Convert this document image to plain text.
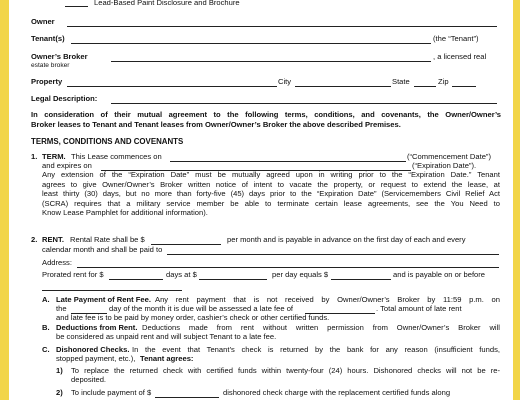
Lead-Based Paint Disclosure and Brochure
Owner
Tenant(s)	(the “Tenant”)
Owner’s Broker	, a licensed real
estate broker
Property	City	State	Zip
Legal Description:
In consideration of their mutual agreement to the following terms, conditions, and covenants, the Owner/Owner’s
Broker leases to Tenant and Tenant leases from Owner/Owner’s Broker the above described Premises.
TERMS, CONDITIONS AND COVENANTS
1. TERM. This Lease commences on	(“Commencement Date”)
and expires on	(“Expiration Date”).
Any extension of the “Expiration Date” must be mutually agreed upon in writing prior to the “Expiration Date.” Tenant
agrees to give Owner/Owner’s Broker written notice of intent to vacate the property, or request to extend the lease, at
least thirty (30) days, but no more than forty-five (45) days prior to the “Expiration Date” (Servicemembers Civil Relief Act
(SCRA) requires that a military service member be able to terminate certain lease agreements, see the You Need to
Know Lease Pamphlet for additional information).
2. RENT. Rental Rate shall be $	per month and is payable in advance on the first day of each and every
calendar month and shall be paid to
Address:
Prorated rent for $	days at $	per day equals $	and is payable on or before
A. Late Payment of Rent Fee. Any rent payment that is not received by Owner/Owner’s Broker by 11:59 p.m. on
the	day of the month it is due will be assessed a late fee of	. Total amount of late rent
and late fee is to be paid by money order, cashier’s check or other certified funds.
B. Deductions from Rent. Deductions made from rent without written permission from Owner/Owner’s Broker will
be considered as unpaid rent and will subject Tenant to a late fee.
C. Dishonored Checks. In the event that Tenant’s check is returned by the bank for any reason (insufficient funds,
stopped payment, etc.), Tenant agrees:
1) To replace the returned check with certified funds within twenty-four (24) hours. Dishonored checks will not be re-
deposited.
2) To include payment of $	dishonored check charge with the replacement certified funds along
